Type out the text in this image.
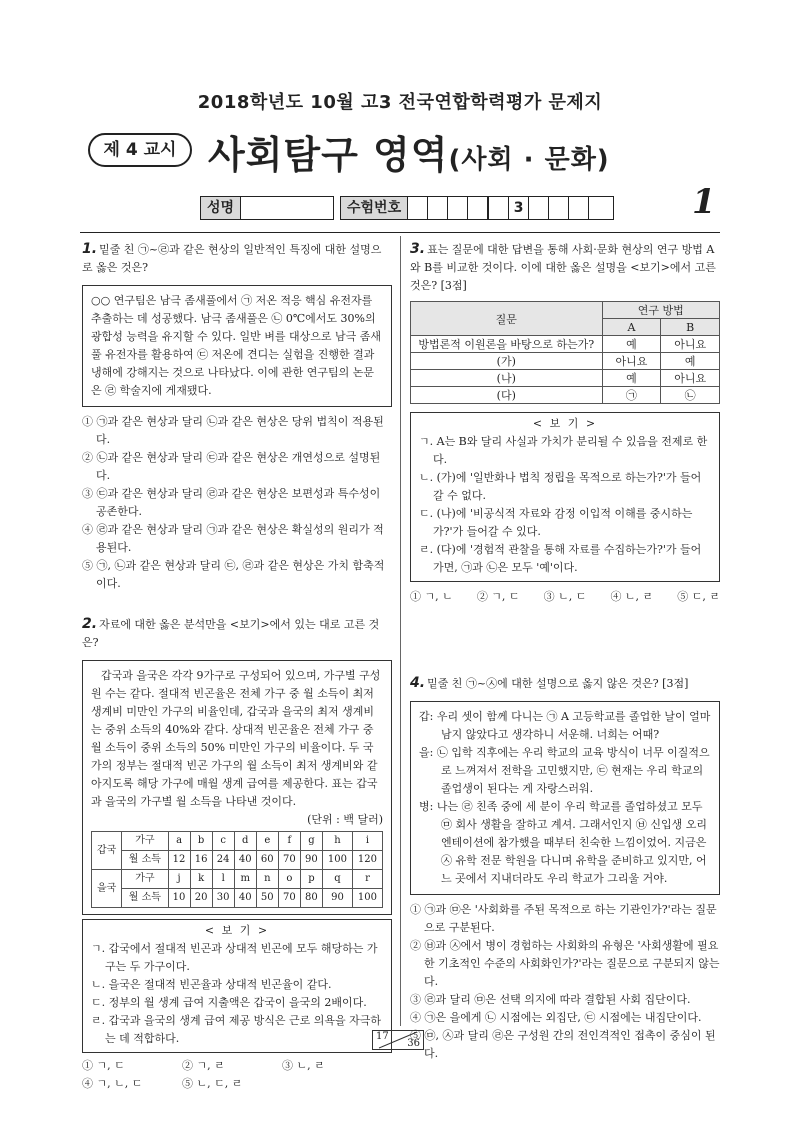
2018학년도 10월 고3 전국연합학력평가 문제지
제 4 교시 사회탐구 영역(사회 · 문화)
성명	수험번호	3	1
1. 밑줄 친 ㉠~㉣과 같은 현상의 일반적인 특징에 대한 설명으로 옳은 것은?
○○ 연구팀은 남극 좀새풀에서 ㉠ 저온 적응 핵심 유전자를 추출하는 데 성공했다. 남극 좀새풀은 ㉡ 0℃에서도 30%의 광합성 능력을 유지할 수 있다. 일반 벼를 대상으로 남극 좀새풀 유전자를 활용하여 ㉢ 저온에 견디는 실험을 진행한 결과 냉해에 강해지는 것으로 나타났다. 이에 관한 연구팀의 논문은 ㉣ 학술지에 게재됐다.
① ㉠과 같은 현상과 달리 ㉡과 같은 현상은 당위 법칙이 적용된다.
② ㉡과 같은 현상과 달리 ㉢과 같은 현상은 개연성으로 설명된다.
③ ㉢과 같은 현상과 달리 ㉣과 같은 현상은 보편성과 특수성이 공존한다.
④ ㉣과 같은 현상과 달리 ㉠과 같은 현상은 확실성의 원리가 적용된다.
⑤ ㉠, ㉡과 같은 현상과 달리 ㉢, ㉣과 같은 현상은 가치 함축적이다.
2. 자료에 대한 옳은 분석만을 <보기>에서 있는 대로 고른 것은?
갑국과 을국은 각각 9가구로 구성되어 있으며, 가구별 구성원 수는 같다. 절대적 빈곤율은 전체 가구 중 월 소득이 최저 생계비 미만인 가구의 비율인데, 갑국과 을국의 최저 생계비는 중위 소득의 40%와 같다. 상대적 빈곤율은 전체 가구 중 월 소득이 중위 소득의 50% 미만인 가구의 비율이다. 두 국가의 정부는 절대적 빈곤 가구의 월 소득이 최저 생계비와 같아지도록 해당 가구에 매월 생계 급여를 제공한다. 표는 갑국과 을국의 가구별 월 소득을 나타낸 것이다.
(단위 : 백 달러)
갑국	가구	a	b	c	d	e	f	g	h	i
	월 소득	12	16	24	40	60	70	90	100	120
을국	가구	j	k	l	m	n	o	p	q	r
	월 소득	10	20	30	40	50	70	80	90	100
< 보 기 >
ㄱ. 갑국에서 절대적 빈곤과 상대적 빈곤에 모두 해당하는 가구는 두 가구이다.
ㄴ. 을국은 절대적 빈곤율과 상대적 빈곤율이 같다.
ㄷ. 정부의 월 생계 급여 지출액은 갑국이 을국의 2배이다.
ㄹ. 갑국과 을국의 생계 급여 제공 방식은 근로 의욕을 자극하는 데 적합하다.
① ㄱ, ㄷ	② ㄱ, ㄹ	③ ㄴ, ㄹ
④ ㄱ, ㄴ, ㄷ	⑤ ㄴ, ㄷ, ㄹ
3. 표는 질문에 대한 답변을 통해 사회·문화 현상의 연구 방법 A와 B를 비교한 것이다. 이에 대한 옳은 설명을 <보기>에서 고른 것은? [3점]
질문	연구 방법	
	A	B
방법론적 이원론을 바탕으로 하는가?	예	아니요
(가)	아니요	예
(나)	예	아니요
(다)	㉠	㉡
< 보 기 >
ㄱ. A는 B와 달리 사실과 가치가 분리될 수 있음을 전제로 한다.
ㄴ. (가)에 '일반화나 법칙 정립을 목적으로 하는가?'가 들어갈 수 없다.
ㄷ. (나)에 '비공식적 자료와 감정 이입적 이해를 중시하는가?'가 들어갈 수 있다.
ㄹ. (다)에 '경험적 관찰을 통해 자료를 수집하는가?'가 들어가면, ㉠과 ㉡은 모두 '예'이다.
① ㄱ, ㄴ ② ㄱ, ㄷ ③ ㄴ, ㄷ ④ ㄴ, ㄹ ⑤ ㄷ, ㄹ
4. 밑줄 친 ㉠~㉦에 대한 설명으로 옳지 않은 것은? [3점]
갑: 우리 셋이 함께 다니는 ㉠ A 고등학교를 졸업한 날이 얼마 남지 않았다고 생각하니 서운해. 너희는 어때?
을: ㉡ 입학 직후에는 우리 학교의 교육 방식이 너무 이질적으로 느껴져서 전학을 고민했지만, ㉢ 현재는 우리 학교의 졸업생이 된다는 게 자랑스러워.
병: 나는 ㉣ 친족 중에 세 분이 우리 학교를 졸업하셨고 모두 ㉤ 회사 생활을 잘하고 계셔. 그래서인지 ㉥ 신입생 오리엔테이션에 참가했을 때부터 친숙한 느낌이었어. 지금은 ㉦ 유학 전문 학원을 다니며 유학을 준비하고 있지만, 어느 곳에서 지내더라도 우리 학교가 그리울 거야.
① ㉠과 ㉤은 '사회화를 주된 목적으로 하는 기관인가?'라는 질문으로 구분된다.
② ㉥과 ㉦에서 병이 경험하는 사회화의 유형은 '사회생활에 필요한 기초적인 수준의 사회화인가?'라는 질문으로 구분되지 않는다.
③ ㉣과 달리 ㉤은 선택 의지에 따라 결합된 사회 집단이다.
④ ㉠은 을에게 ㉡ 시점에는 외집단, ㉢ 시점에는 내집단이다.
⑤ ㉤, ㉦과 달리 ㉣은 구성원 간의 전인격적인 접촉이 중심이 된다.
17
36
